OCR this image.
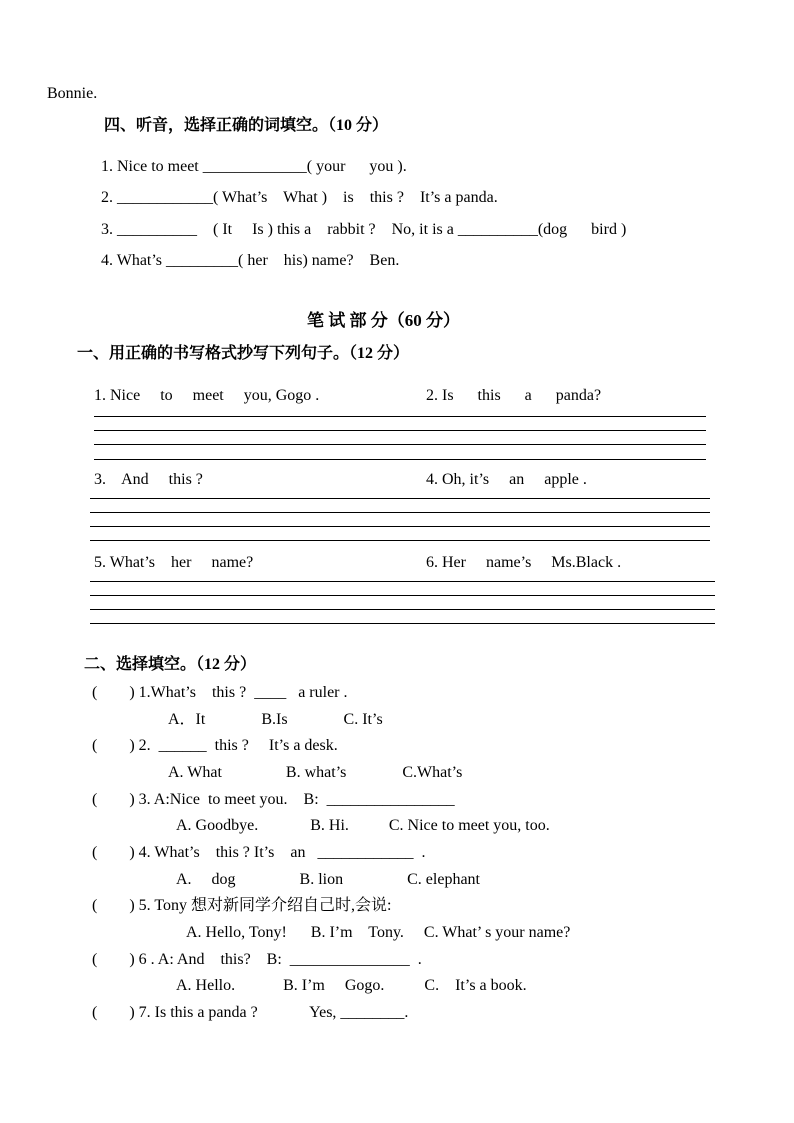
Bonnie.
四、听音，选择正确的词填空。（10 分）
1. Nice to meet _____________( your      you ).
2. ____________( What’s    What )    is    this ?    It’s a panda.
3. __________    ( It     Is ) this a    rabbit ?    No, it is a __________(dog      bird )
4. What’s _________( her    his) name?    Ben.
笔 试 部 分（60 分）
一、用正确的书写格式抄写下列句子。（12 分）
1. Nice     to     meet     you, Gogo .	2. Is      this      a      panda?
3.    And     this ?	4. Oh, it’s     an     apple .
5. What’s    her     name?	6. Her     name’s     Ms.Black .
二、选择填空。（12 分）
(        ) 1.What’s    this ?  ____   a ruler .
A．It              B.Is              C. It’s
(        ) 2.  ______  this ?     It’s a desk.
A. What                B. what’s              C.What’s
(        ) 3. A:Nice  to meet you.    B:  ________________
A. Goodbye.             B. Hi.          C. Nice to meet you, too.
(        ) 4. What’s    this ? It’s    an   ____________  .
A.     dog                B. lion                C. elephant
(        ) 5. Tony 想对新同学介绍自己时,会说:
A. Hello, Tony!      B. I’m    Tony.     C. What’ s your name?
(        ) 6 . A: And    this?    B:  _______________  .
A. Hello.            B. I’m     Gogo.          C.    It’s a book.
(        ) 7. Is this a panda ?             Yes, ________.
